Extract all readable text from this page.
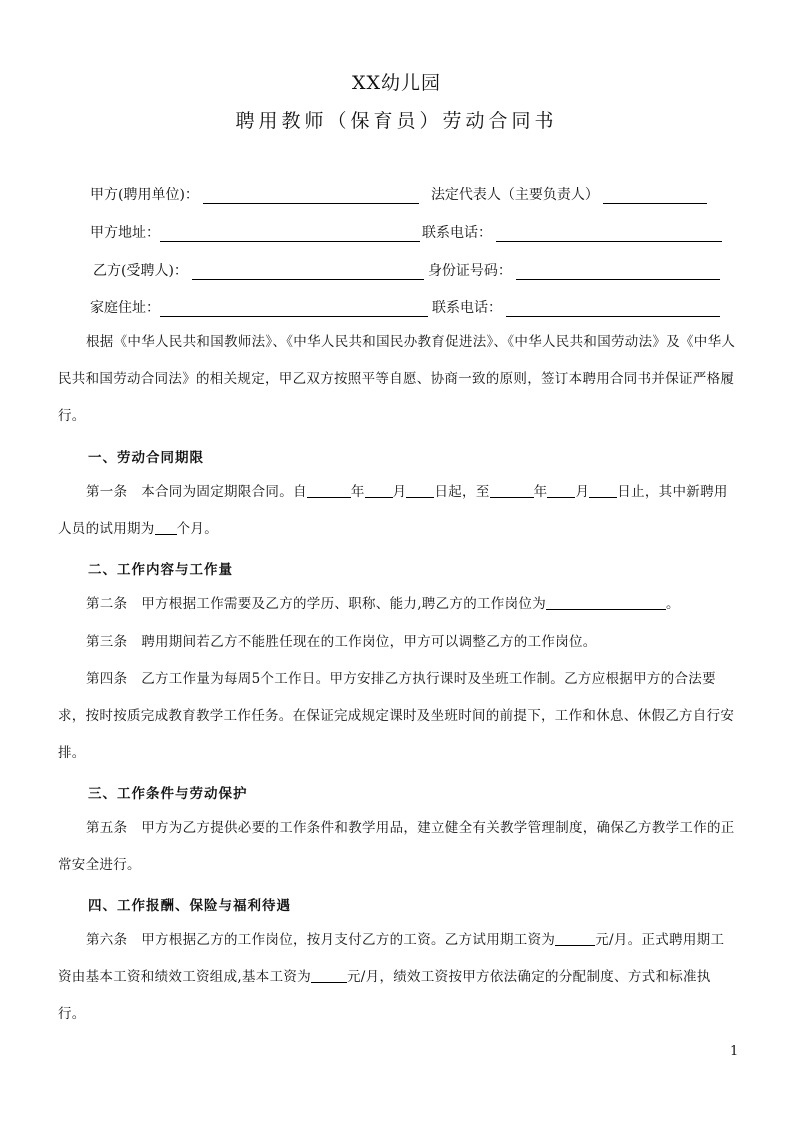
XX幼儿园
聘用教师（保育员）劳动合同书
甲方(聘用单位)：	法定代表人（主要负责人）
甲方地址：	联系电话：
乙方(受聘人)：	身份证号码：
家庭住址：	联系电话：
根据《中华人民共和国教师法》、《中华人民共和国民办教育促进法》、《中华人民共和国劳动法》及《中华人民共和国劳动合同法》的相关规定，甲乙双方按照平等自愿、协商一致的原则，签订本聘用合同书并保证严格履行。
一、劳动合同期限
第一条　本合同为固定期限合同。自	年 月 日起，至	年 月 日止，其中新聘用人员的试用期为 个月。
二、工作内容与工作量
第二条　甲方根据工作需要及乙方的学历、职称、能力,聘乙方的工作岗位为	。
第三条　聘用期间若乙方不能胜任现在的工作岗位，甲方可以调整乙方的工作岗位。
第四条　乙方工作量为每周5个工作日。甲方安排乙方执行课时及坐班工作制。乙方应根据甲方的合法要求，按时按质完成教育教学工作任务。在保证完成规定课时及坐班时间的前提下，工作和休息、休假乙方自行安排。
三、工作条件与劳动保护
第五条　甲方为乙方提供必要的工作条件和教学用品，建立健全有关教学管理制度，确保乙方教学工作的正常安全进行。
四、工作报酬、保险与福利待遇
第六条　甲方根据乙方的工作岗位，按月支付乙方的工资。乙方试用期工资为	元/月。正式聘用期工资由基本工资和绩效工资组成,基本工资为	元/月，绩效工资按甲方依法确定的分配制度、方式和标准执行。
1
